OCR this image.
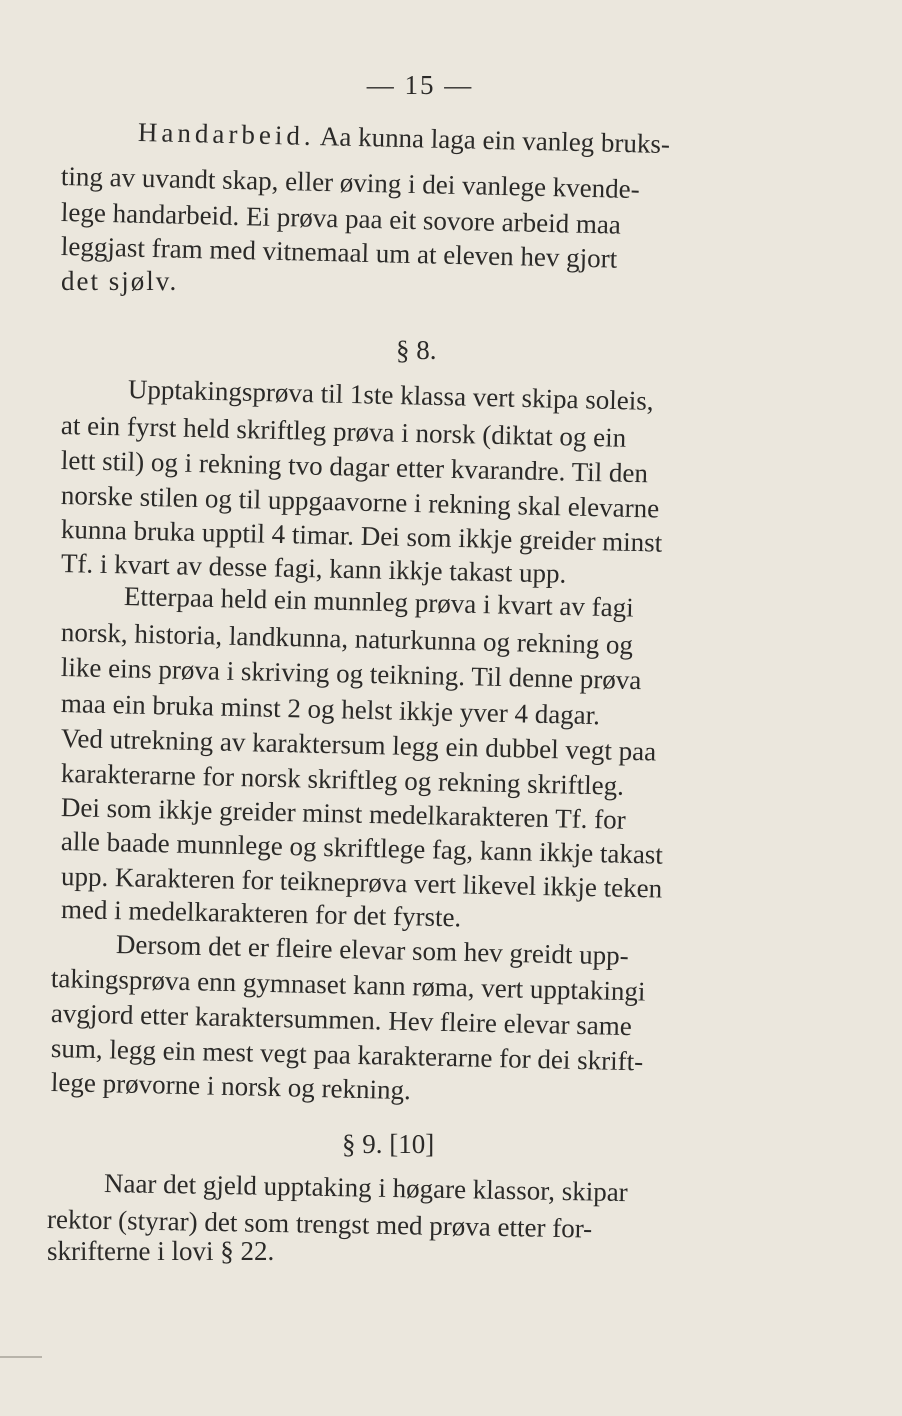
— 15 —
Handarbeid. Aa kunna laga ein vanleg bruks-
ting av uvandt skap, eller øving i dei vanlege kvende-
lege handarbeid. Ei prøva paa eit sovore arbeid maa
leggjast fram med vitnemaal um at eleven hev gjort
det sjølv.
§ 8.
Upptakingsprøva til 1ste klassa vert skipa soleis,
at ein fyrst held skriftleg prøva i norsk (diktat og ein
lett stil) og i rekning tvo dagar etter kvarandre. Til den
norske stilen og til uppgaavorne i rekning skal elevarne
kunna bruka upptil 4 timar. Dei som ikkje greider minst
Tf. i kvart av desse fagi, kann ikkje takast upp.
Etterpaa held ein munnleg prøva i kvart av fagi
norsk, historia, landkunna, naturkunna og rekning og
like eins prøva i skriving og teikning. Til denne prøva
maa ein bruka minst 2 og helst ikkje yver 4 dagar.
Ved utrekning av karaktersum legg ein dubbel vegt paa
karakterarne for norsk skriftleg og rekning skriftleg.
Dei som ikkje greider minst medelkarakteren Tf. for
alle baade munnlege og skriftlege fag, kann ikkje takast
upp. Karakteren for teikneprøva vert likevel ikkje teken
med i medelkarakteren for det fyrste.
Dersom det er fleire elevar som hev greidt upp-
takingsprøva enn gymnaset kann røma, vert upptakingi
avgjord etter karaktersummen. Hev fleire elevar same
sum, legg ein mest vegt paa karakterarne for dei skrift-
lege prøvorne i norsk og rekning.
§ 9. [10]
Naar det gjeld upptaking i høgare klassor, skipar
rektor (styrar) det som trengst med prøva etter for-
skrifterne i lovi § 22.
